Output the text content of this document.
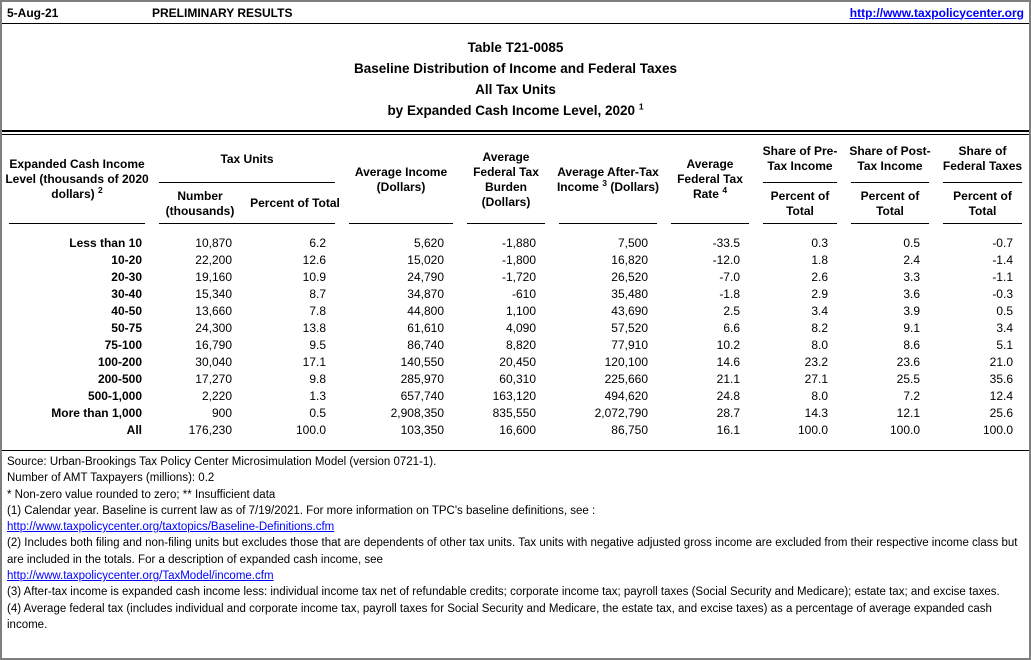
5-Aug-21	PRELIMINARY RESULTS	http://www.taxpolicycenter.org
Table T21-0085
Baseline Distribution of Income and Federal Taxes
All Tax Units
by Expanded Cash Income Level, 2020 $^1$
Expanded Cash Income Level (thousands of 2020 dollars) $^2$	Tax Units		Average Income (Dollars)	Average Federal Tax Burden (Dollars)	Average After-Tax Income $^3$ (Dollars)	Average Federal Tax Rate $^4$	Share of Pre-Tax Income	Share of Post-Tax Income	Share of Federal Taxes
	Number (thousands)	Percent of Total					Percent of Total	Percent of Total	Percent of Total
Less than 10	10,870	6.2	5,620	-1,880	7,500	-33.5	0.3	0.5	-0.7
10-20	22,200	12.6	15,020	-1,800	16,820	-12.0	1.8	2.4	-1.4
20-30	19,160	10.9	24,790	-1,720	26,520	-7.0	2.6	3.3	-1.1
30-40	15,340	8.7	34,870	-610	35,480	-1.8	2.9	3.6	-0.3
40-50	13,660	7.8	44,800	1,100	43,690	2.5	3.4	3.9	0.5
50-75	24,300	13.8	61,610	4,090	57,520	6.6	8.2	9.1	3.4
75-100	16,790	9.5	86,740	8,820	77,910	10.2	8.0	8.6	5.1
100-200	30,040	17.1	140,550	20,450	120,100	14.6	23.2	23.6	21.0
200-500	17,270	9.8	285,970	60,310	225,660	21.1	27.1	25.5	35.6
500-1,000	2,220	1.3	657,740	163,120	494,620	24.8	8.0	7.2	12.4
More than 1,000	900	0.5	2,908,350	835,550	2,072,790	28.7	14.3	12.1	25.6
All	176,230	100.0	103,350	16,600	86,750	16.1	100.0	100.0	100.0
Source: Urban-Brookings Tax Policy Center Microsimulation Model (version 0721-1).
Number of AMT Taxpayers (millions): 0.2
* Non-zero value rounded to zero; ** Insufficient data
(1) Calendar year. Baseline is current law as of 7/19/2021. For more information on TPC's baseline definitions, see :
http://www.taxpolicycenter.org/taxtopics/Baseline-Definitions.cfm
(2) Includes both filing and non-filing units but excludes those that are dependents of other tax units. Tax units with negative adjusted gross income are excluded from their respective income class but are included in the totals. For a description of expanded cash income, see
http://www.taxpolicycenter.org/TaxModel/income.cfm
(3) After-tax income is expanded cash income less: individual income tax net of refundable credits; corporate income tax; payroll taxes (Social Security and Medicare); estate tax; and excise taxes.
(4) Average federal tax (includes individual and corporate income tax, payroll taxes for Social Security and Medicare, the estate tax, and excise taxes) as a percentage of average expanded cash income.
